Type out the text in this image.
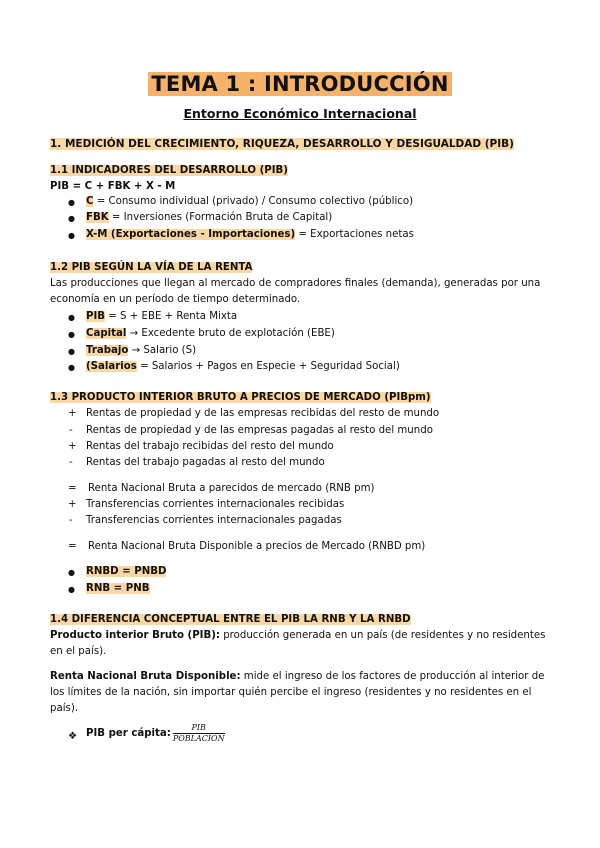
TEMA 1 : INTRODUCCIÓN
Entorno Económico Internacional
1. MEDICIÓN DEL CRECIMIENTO, RIQUEZA, DESARROLLO Y DESIGUALDAD (PIB)
1.1 INDICADORES DEL DESARROLLO (PIB)
PIB = C + FBK + X - M
● C = Consumo individual (privado) / Consumo colectivo (público)
● FBK = Inversiones (Formación Bruta de Capital)
● X-M (Exportaciones - Importaciones) = Exportaciones netas
1.2 PIB SEGÚN LA VÍA DE LA RENTA
Las producciones que llegan al mercado de compradores finales (demanda), generadas por una
economía en un período de tiempo determinado.
● PIB = S + EBE + Renta Mixta
● Capital → Excedente bruto de explotación (EBE)
● Trabajo → Salario (S)
● (Salarios = Salarios + Pagos en Especie + Seguridad Social)
1.3 PRODUCTO INTERIOR BRUTO A PRECIOS DE MERCADO (PIBpm)
+ Rentas de propiedad y de las empresas recibidas del resto de mundo
- Rentas de propiedad y de las empresas pagadas al resto del mundo
+ Rentas del trabajo recibidas del resto del mundo
- Rentas del trabajo pagadas al resto del mundo
= Renta Nacional Bruta a parecidos de mercado (RNB pm)
+ Transferencias corrientes internacionales recibidas
- Transferencias corrientes internacionales pagadas
= Renta Nacional Bruta Disponible a precios de Mercado (RNBD pm)
● RNBD = PNBD
● RNB = PNB
1.4 DIFERENCIA CONCEPTUAL ENTRE EL PIB LA RNB Y LA RNBD
Producto interior Bruto (PIB): producción generada en un país (de residentes y no residentes
en el país).
Renta Nacional Bruta Disponible: mide el ingreso de los factores de producción al interior de
los límites de la nación, sin importar quién percibe el ingreso (residentes y no residentes en el
país).
❖ PIB per cápita: $\frac{\text{PIB}}{\text{POBLACIÓN}}$
